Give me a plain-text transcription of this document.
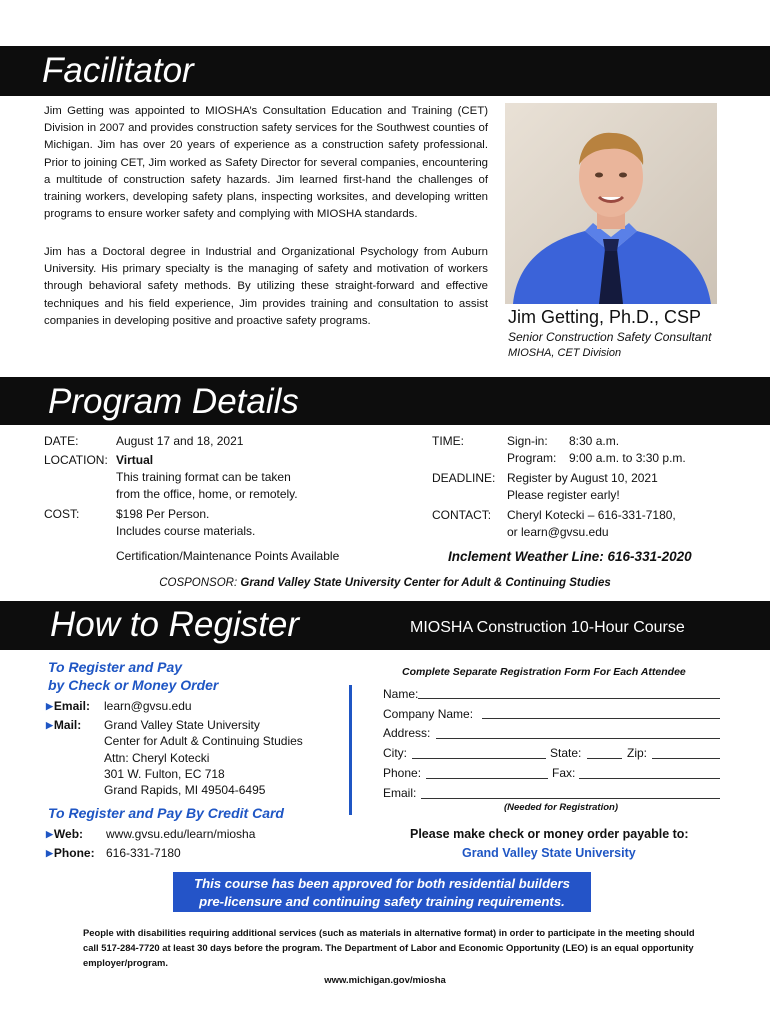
Facilitator
Jim Getting was appointed to MIOSHA’s Consultation Education and Training (CET) Division in 2007 and provides construction safety services for the Southwest counties of Michigan. Jim has over 20 years of experience as a construction safety professional. Prior to joining CET, Jim worked as Safety Director for several companies, encountering a multitude of construction safety hazards. Jim learned first-hand the challenges of training workers, developing safety plans, inspecting worksites, and developing written programs to ensure worker safety and complying with MIOSHA standards.
Jim has a Doctoral degree in Industrial and Organizational Psychology from Auburn University. His primary specialty is the managing of safety and motivation of workers through behavioral safety methods. By utilizing these straight-forward and effective techniques and his field experience, Jim provides training and consultation to assist companies in developing positive and proactive safety programs.	Jim Getting, Ph.D., CSP
Senior Construction Safety Consultant
MIOSHA, CET Division
Program Details
DATE:	August 17 and 18, 2021
LOCATION: Virtual
This training format can be taken
from the office, home, or remotely.
COST:	$198 Per Person.
Includes course materials.
Certification/Maintenance Points Available
TIME:	Sign-in: 8:30 a.m.
Program: 9:00 a.m. to 3:30 p.m.
DEADLINE: Register by August 10, 2021
Please register early!
CONTACT: Cheryl Kotecki – 616-331-7180,
or learn@gvsu.edu
Inclement Weather Line: 616-331-2020
COSPONSOR: Grand Valley State University Center for Adult & Continuing Studies
How to Register	MIOSHA Construction 10-Hour Course
To Register and Pay
by Check or Money Order
▶Email: learn@gvsu.edu
▶Mail: Grand Valley State University
Center for Adult & Continuing Studies
Attn: Cheryl Kotecki
301 W. Fulton, EC 718
Grand Rapids, MI 49504-6495
To Register and Pay By Credit Card
▶Web: www.gvsu.edu/learn/miosha
▶Phone: 616-331-7180
Complete Separate Registration Form For Each Attendee
Name:
Company Name:
Address:
City:	State:	Zip:
Phone:	Fax:
Email:
(Needed for Registration)
Please make check or money order payable to:
Grand Valley State University
This course has been approved for both residential builders
pre-licensure and continuing safety training requirements.
People with disabilities requiring additional services (such as materials in alternative format) in order to participate in the meeting should call 517-284-7720 at least 30 days before the program. The Department of Labor and Economic Opportunity (LEO) is an equal opportunity employer/program.
www.michigan.gov/miosha
